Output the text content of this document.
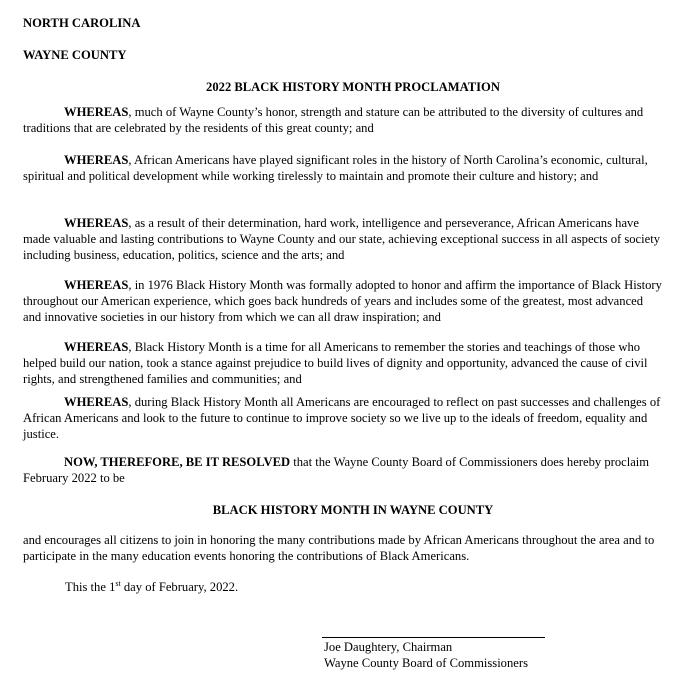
NORTH CAROLINA
WAYNE COUNTY
2022 BLACK HISTORY MONTH PROCLAMATION

WHEREAS, much of Wayne County’s honor, strength and stature can be attributed to the diversity of cultures and traditions that are celebrated by the residents of this great county; and

WHEREAS, African Americans have played significant roles in the history of North Carolina’s economic, cultural, spiritual and political development while working tirelessly to maintain and promote their culture and history; and

WHEREAS, as a result of their determination, hard work, intelligence and perseverance, African Americans have made valuable and lasting contributions to Wayne County and our state, achieving exceptional success in all aspects of society including business, education, politics, science and the arts; and

WHEREAS, in 1976 Black History Month was formally adopted to honor and affirm the importance of Black History throughout our American experience, which goes back hundreds of years and includes some of the greatest, most advanced and innovative societies in our history from which we can all draw inspiration; and

WHEREAS, Black History Month is a time for all Americans to remember the stories and teachings of those who helped build our nation, took a stance against prejudice to build lives of dignity and opportunity, advanced the cause of civil rights, and strengthened families and communities; and

WHEREAS, during Black History Month all Americans are encouraged to reflect on past successes and challenges of African Americans and look to the future to continue to improve society so we live up to the ideals of freedom, equality and justice.

NOW, THEREFORE, BE IT RESOLVED that the Wayne County Board of Commissioners does hereby proclaim February 2022 to be

BLACK HISTORY MONTH IN WAYNE COUNTY

and encourages all citizens to join in honoring the many contributions made by African Americans throughout the area and to participate in the many education events honoring the contributions of Black Americans.

This the 1st day of February, 2022.
Joe Daughtery, Chairman
Wayne County Board of Commissioners
